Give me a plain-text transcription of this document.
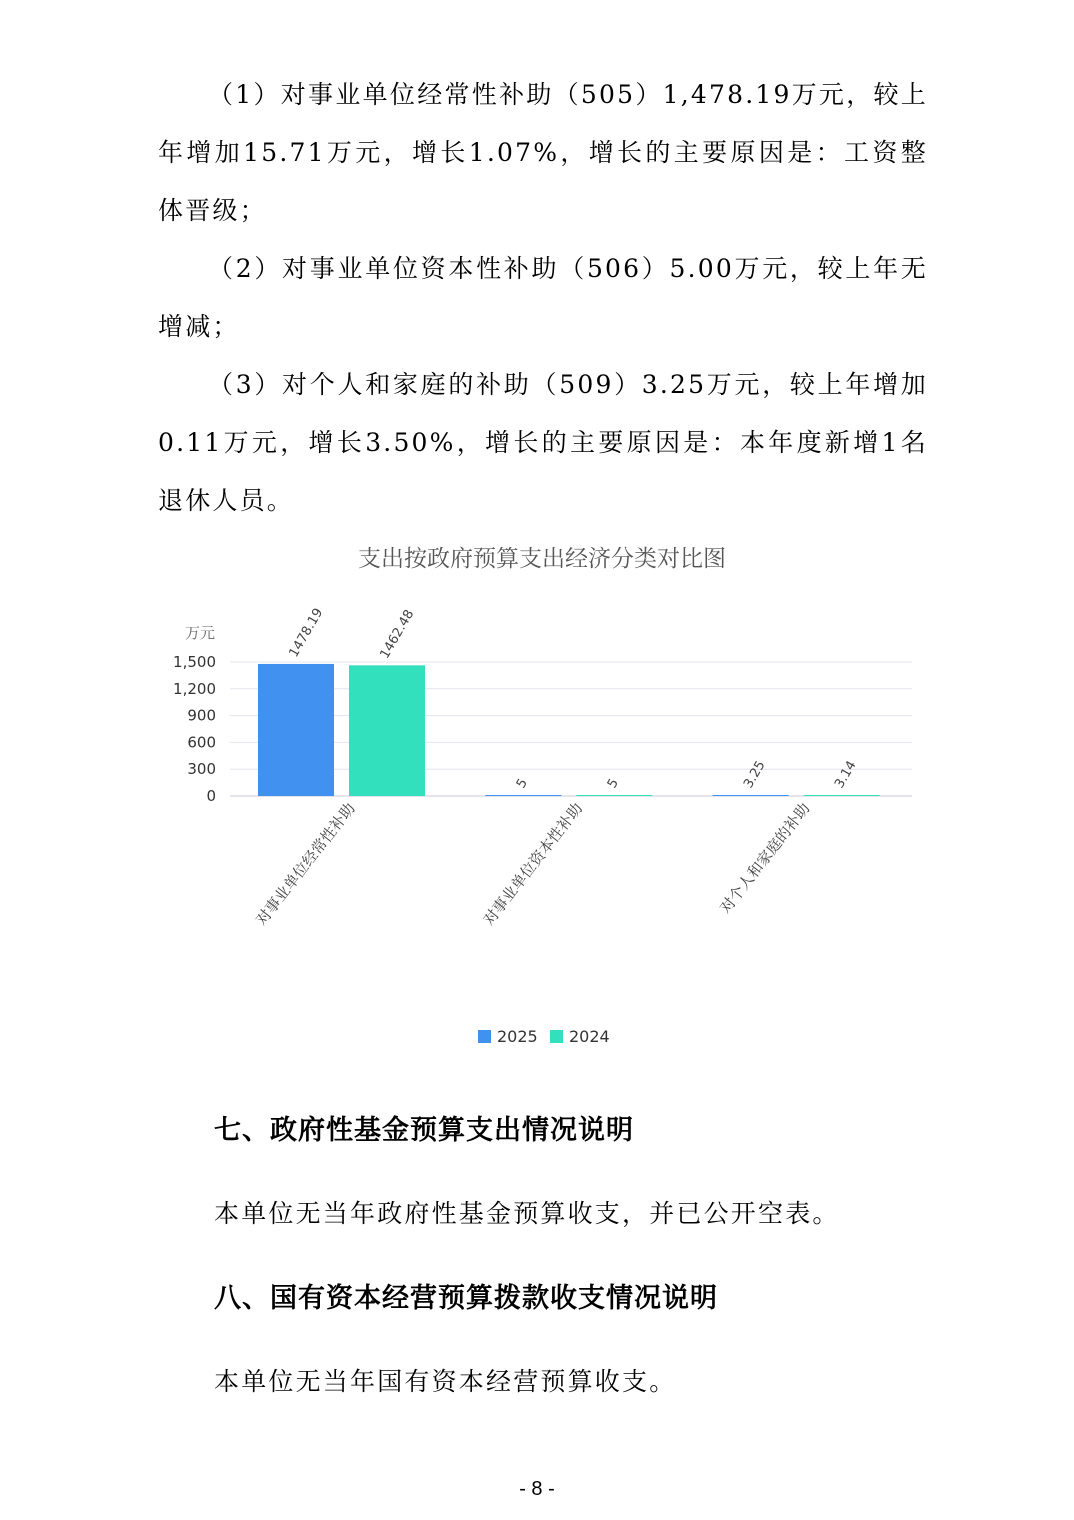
（1）对事业单位经常性补助（505）1,478.19万元，较上年增加15.71万元，增长1.07%，增长的主要原因是：工资整体晋级；

（2）对事业单位资本性补助（506）5.00万元，较上年无增减；

（3）对个人和家庭的补助（509）3.25万元，较上年增加0.11万元，增长3.50%，增长的主要原因是：本年度新增1名退休人员。

支出按政府预算支出经济分类对比图
万元
0
300
600
900
1,200
1,500
1478.19	1462.48
5	5	3.25	3.14
对事业单位经常性补助	对事业单位资本性补助	对个人和家庭的补助
2025 2024

七、政府性基金预算支出情况说明

本单位无当年政府性基金预算收支，并已公开空表。

八、国有资本经营预算拨款收支情况说明

本单位无当年国有资本经营预算收支。

- 8 -
